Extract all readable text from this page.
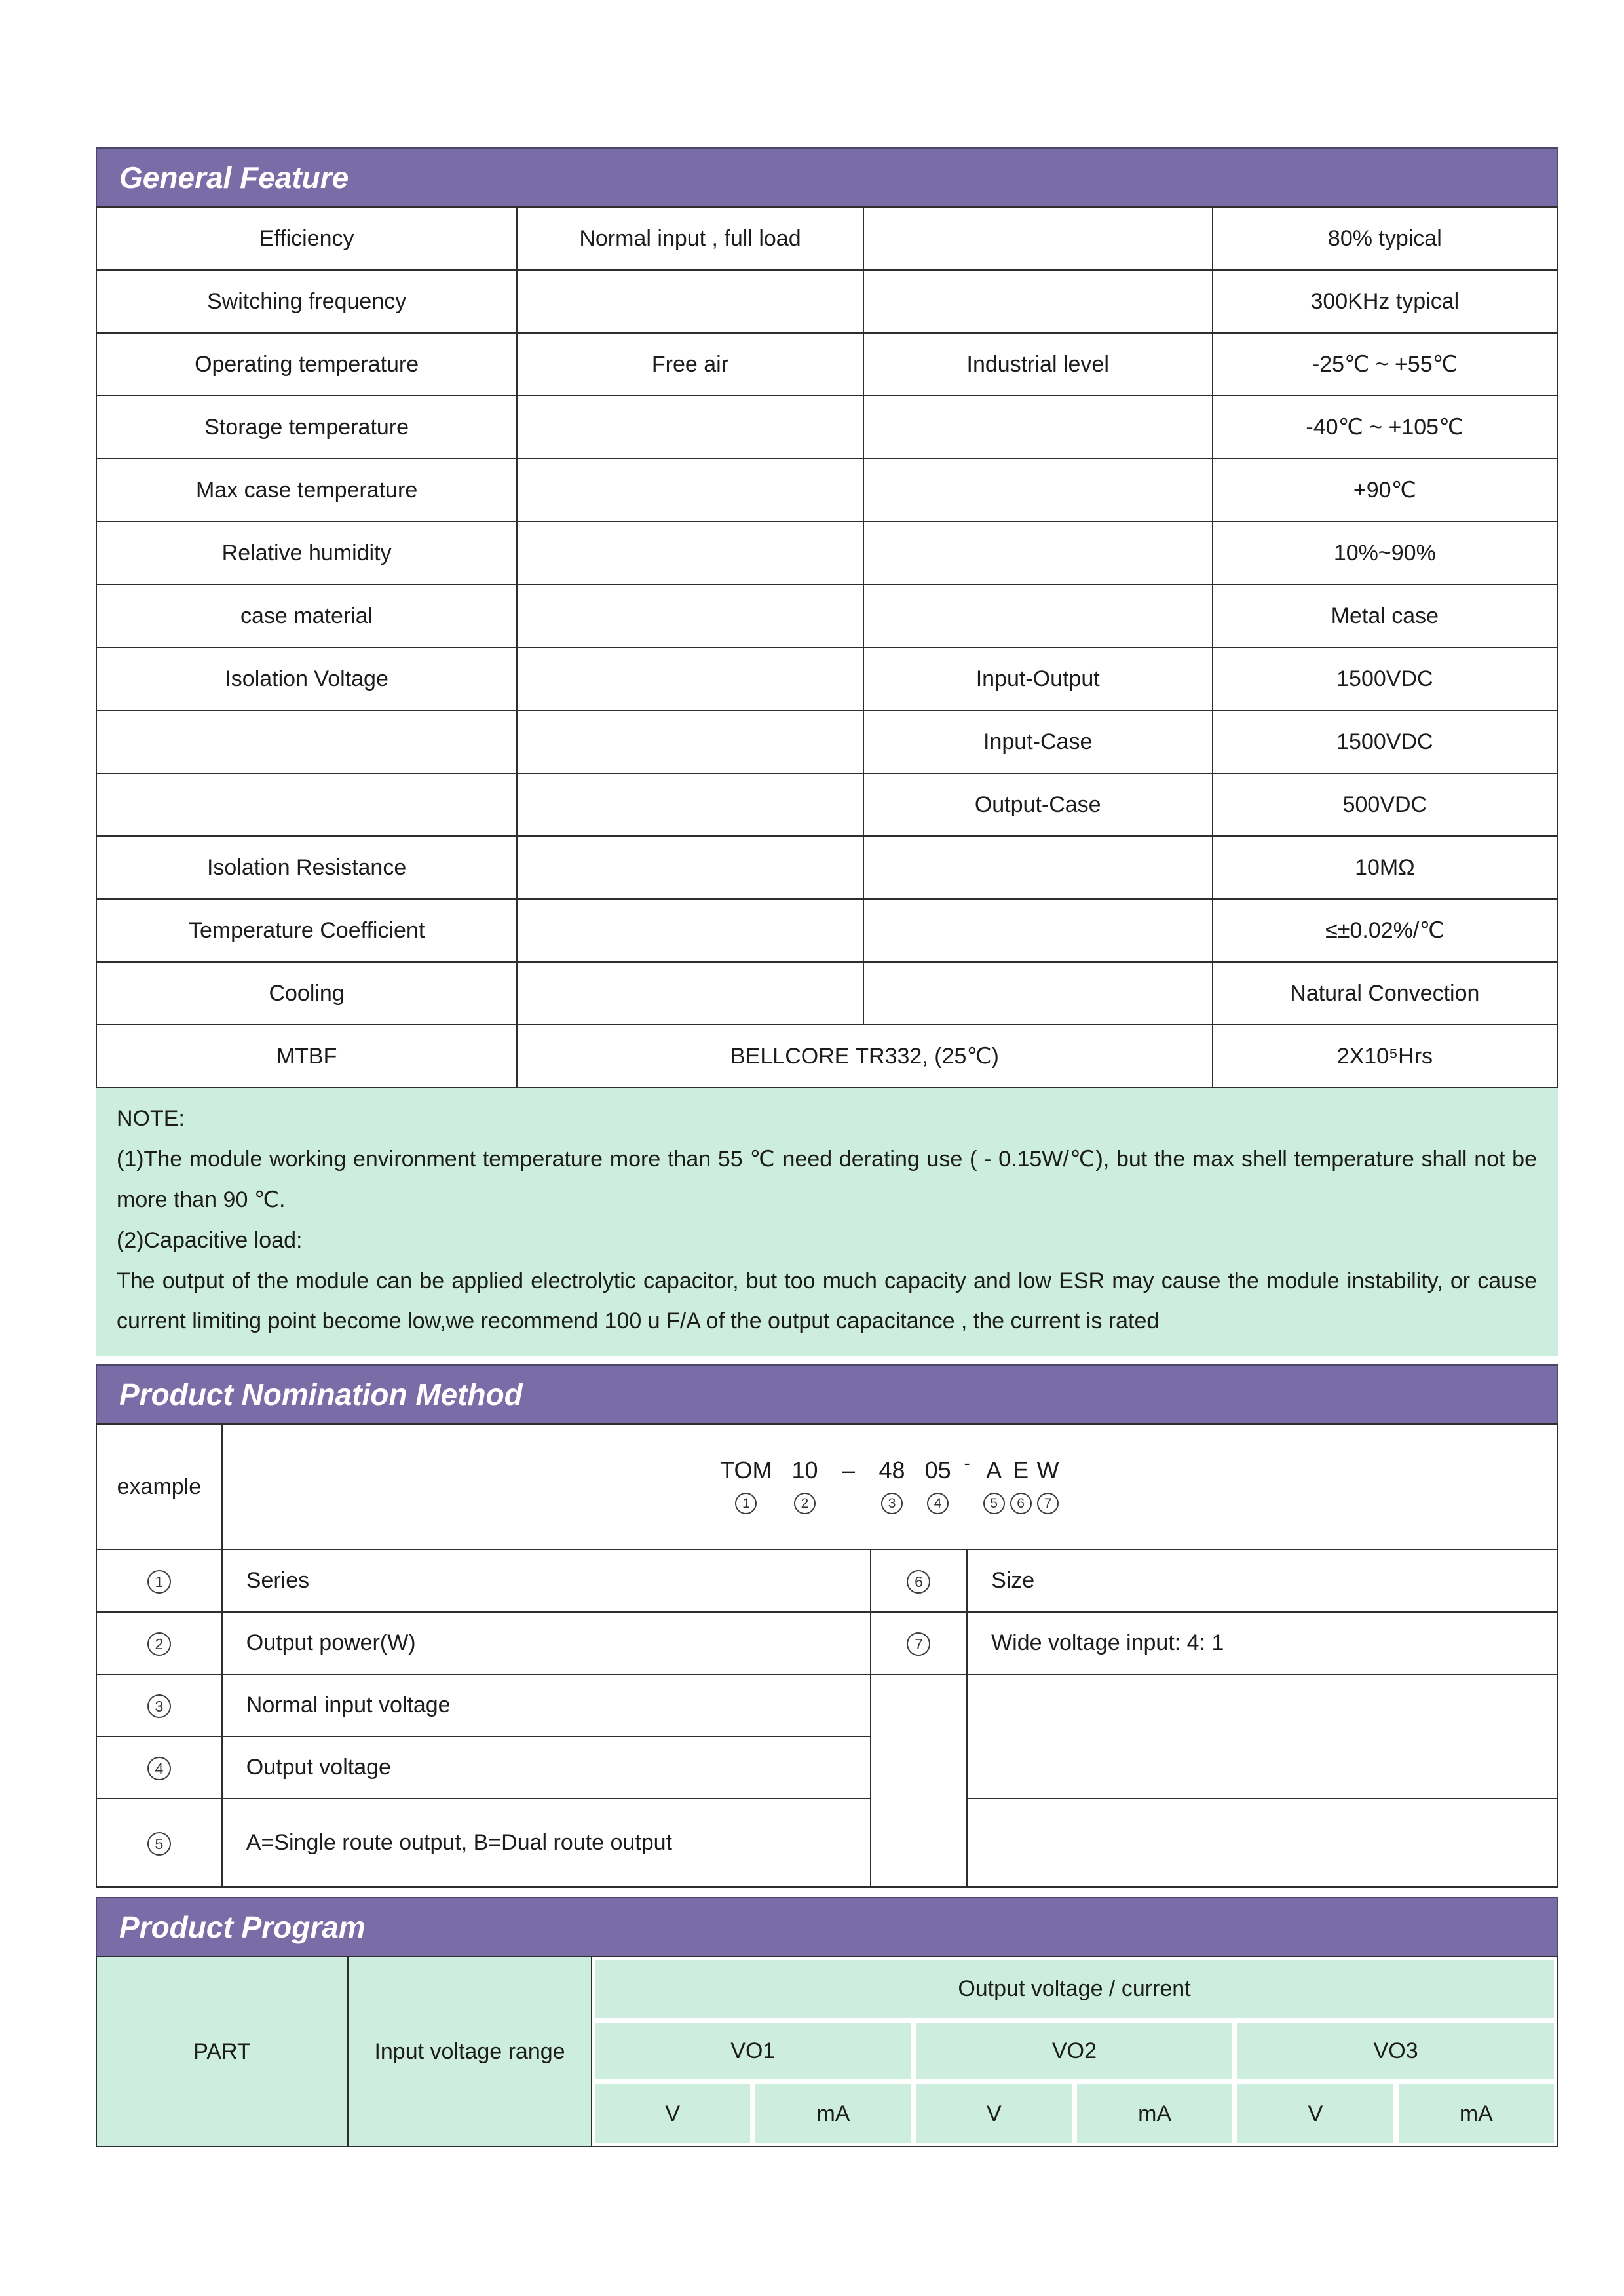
General Feature
Efficiency	Normal input , full load		80% typical
Switching frequency			300KHz typical
Operating temperature	Free air	Industrial level	-25℃ ~ +55℃
Storage temperature			-40℃ ~ +105℃
Max case temperature			+90℃
Relative humidity			10%~90%
case material			Metal case
Isolation Voltage		Input-Output	1500VDC
		Input-Case	1500VDC
		Output-Case	500VDC
Isolation Resistance			10MΩ
Temperature Coefficient			≤±0.02%/℃
Cooling			Natural Convection
MTBF	BELLCORE TR332, (25℃)		2X10⁵Hrs

NOTE:

(1)The module working environment temperature more than 55 ℃ need derating use ( - 0.15W/℃), but the max shell temperature shall not be more than 90 ℃.

(2)Capacitive load:

The output of the module can be applied electrolytic capacitor, but too much capacity and low ESR may cause the module instability, or cause current limiting point become low,we recommend 100 u F/A of the output capacitance , the current is rated

Product Nomination Method
example	
TOM
1
10
2
– 48
3
05
4
- A
5
E
6
W
7

1	Series	6	Size
2	Output power(W)	7	Wide voltage input: 4: 1
3	Normal input voltage		
4	Output voltage		
5	A=Single route output, B=Dual route output		
Product Program
PART	Input voltage range
Output voltage / current
VO1	VO2	VO3
V	mA	V	mA	V	mA
